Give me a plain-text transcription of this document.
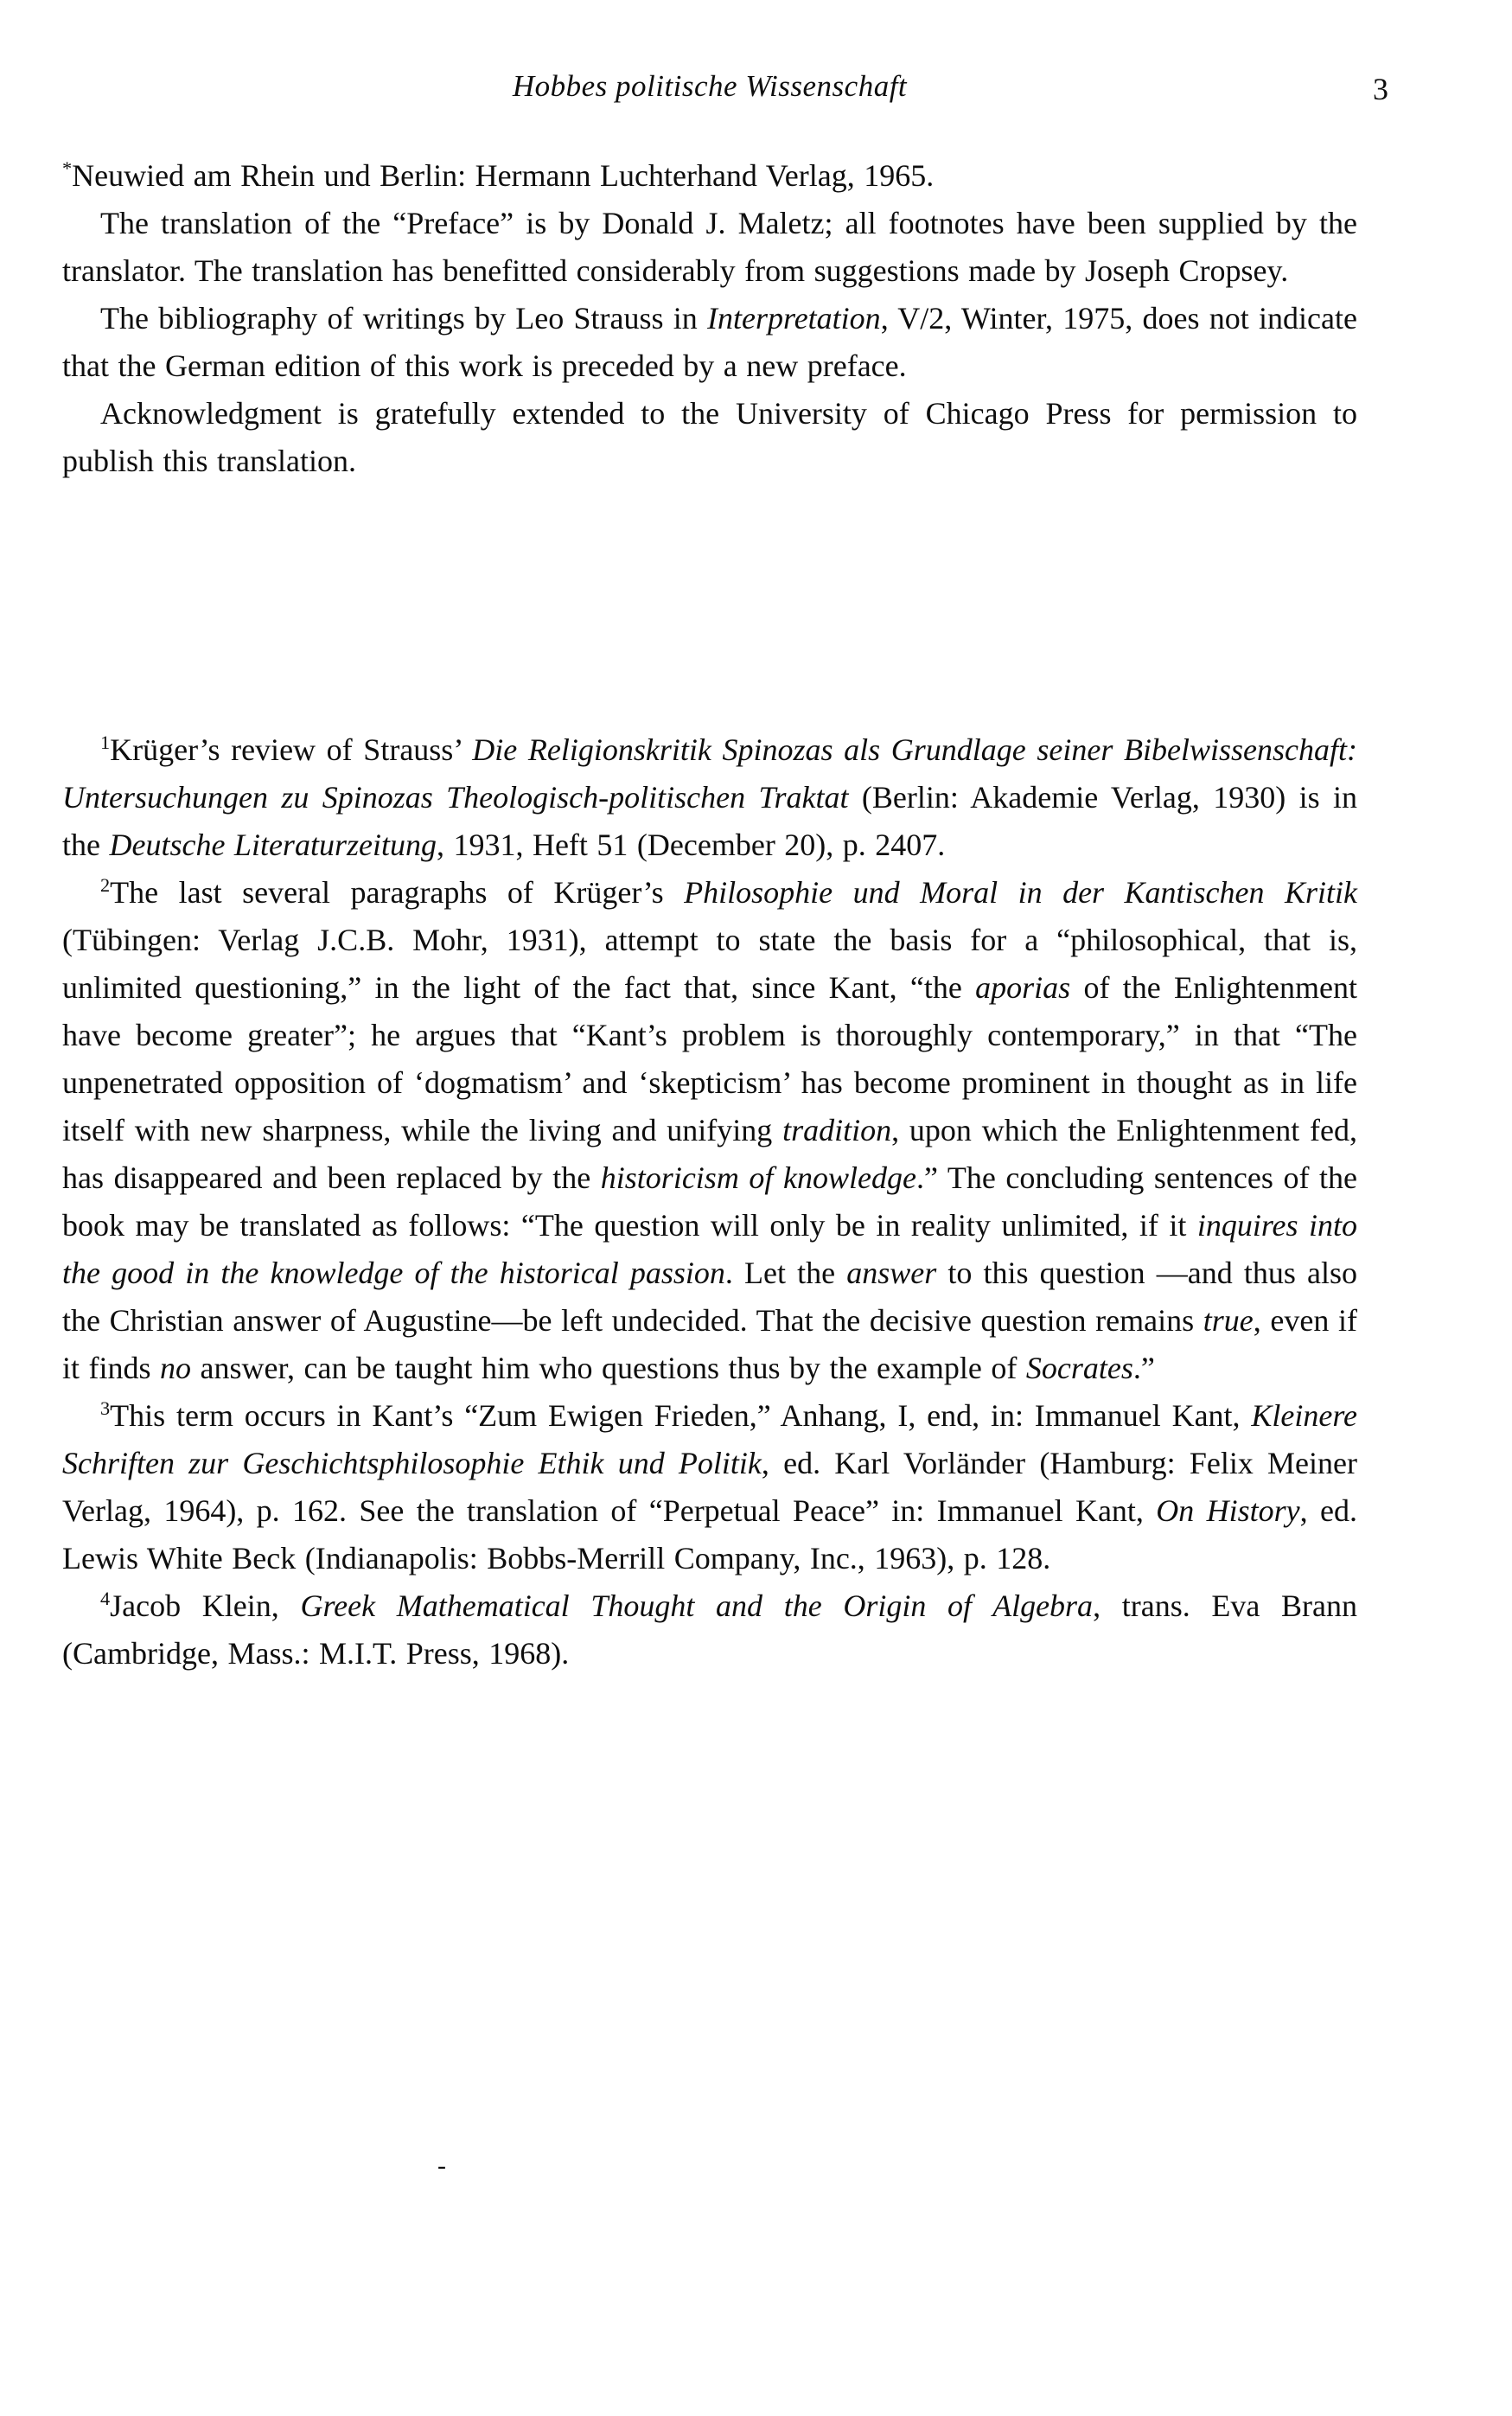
Hobbes politische Wissenschaft	3

*Neuwied am Rhein und Berlin: Hermann Luchterhand Verlag, 1965.

The translation of the “Preface” is by Donald J. Maletz; all footnotes have been supplied by the translator. The translation has benefitted considerably from suggestions made by Joseph Cropsey.

The bibliography of writings by Leo Strauss in Interpretation, V/2, Winter, 1975, does not indicate that the German edition of this work is preceded by a new preface.

Acknowledgment is gratefully extended to the University of Chicago Press for permission to publish this translation.

$^1$Krüger’s review of Strauss’ Die Religionskritik Spinozas als Grundlage seiner Bibelwissenschaft: Untersuchungen zu Spinozas Theologisch-politischen Traktat (Berlin: Akademie Verlag, 1930) is in the Deutsche Literaturzeitung, 1931, Heft 51 (December 20), p. 2407.

$^2$The last several paragraphs of Krüger’s Philosophie und Moral in der Kantischen Kritik (Tübingen: Verlag J.C.B. Mohr, 1931), attempt to state the basis for a “philosophical, that is, unlimited questioning,” in the light of the fact that, since Kant, “the aporias of the Enlightenment have become greater”; he argues that “Kant’s problem is thoroughly contemporary,” in that “The unpenetrated opposition of ‘dogmatism’ and ‘skepticism’ has become prominent in thought as in life itself with new sharpness, while the living and unifying tradition, upon which the Enlightenment fed, has disappeared and been replaced by the historicism of knowledge.” The concluding sentences of the book may be translated as follows: “The question will only be in reality unlimited, if it inquires into the good in the knowledge of the historical passion. Let the answer to this question —and thus also the Christian answer of Augustine—be left undecided. That the decisive question remains true, even if it finds no answer, can be taught him who questions thus by the example of Socrates.”

$^3$This term occurs in Kant’s “Zum Ewigen Frieden,” Anhang, I, end, in: Immanuel Kant, Kleinere Schriften zur Geschichtsphilosophie Ethik und Politik, ed. Karl Vorländer (Hamburg: Felix Meiner Verlag, 1964), p. 162. See the translation of “Perpetual Peace” in: Immanuel Kant, On History, ed. Lewis White Beck (Indianapolis: Bobbs-Merrill Company, Inc., 1963), p. 128.

$^4$Jacob Klein, Greek Mathematical Thought and the Origin of Algebra, trans. Eva Brann (Cambridge, Mass.: M.I.T. Press, 1968).

-
